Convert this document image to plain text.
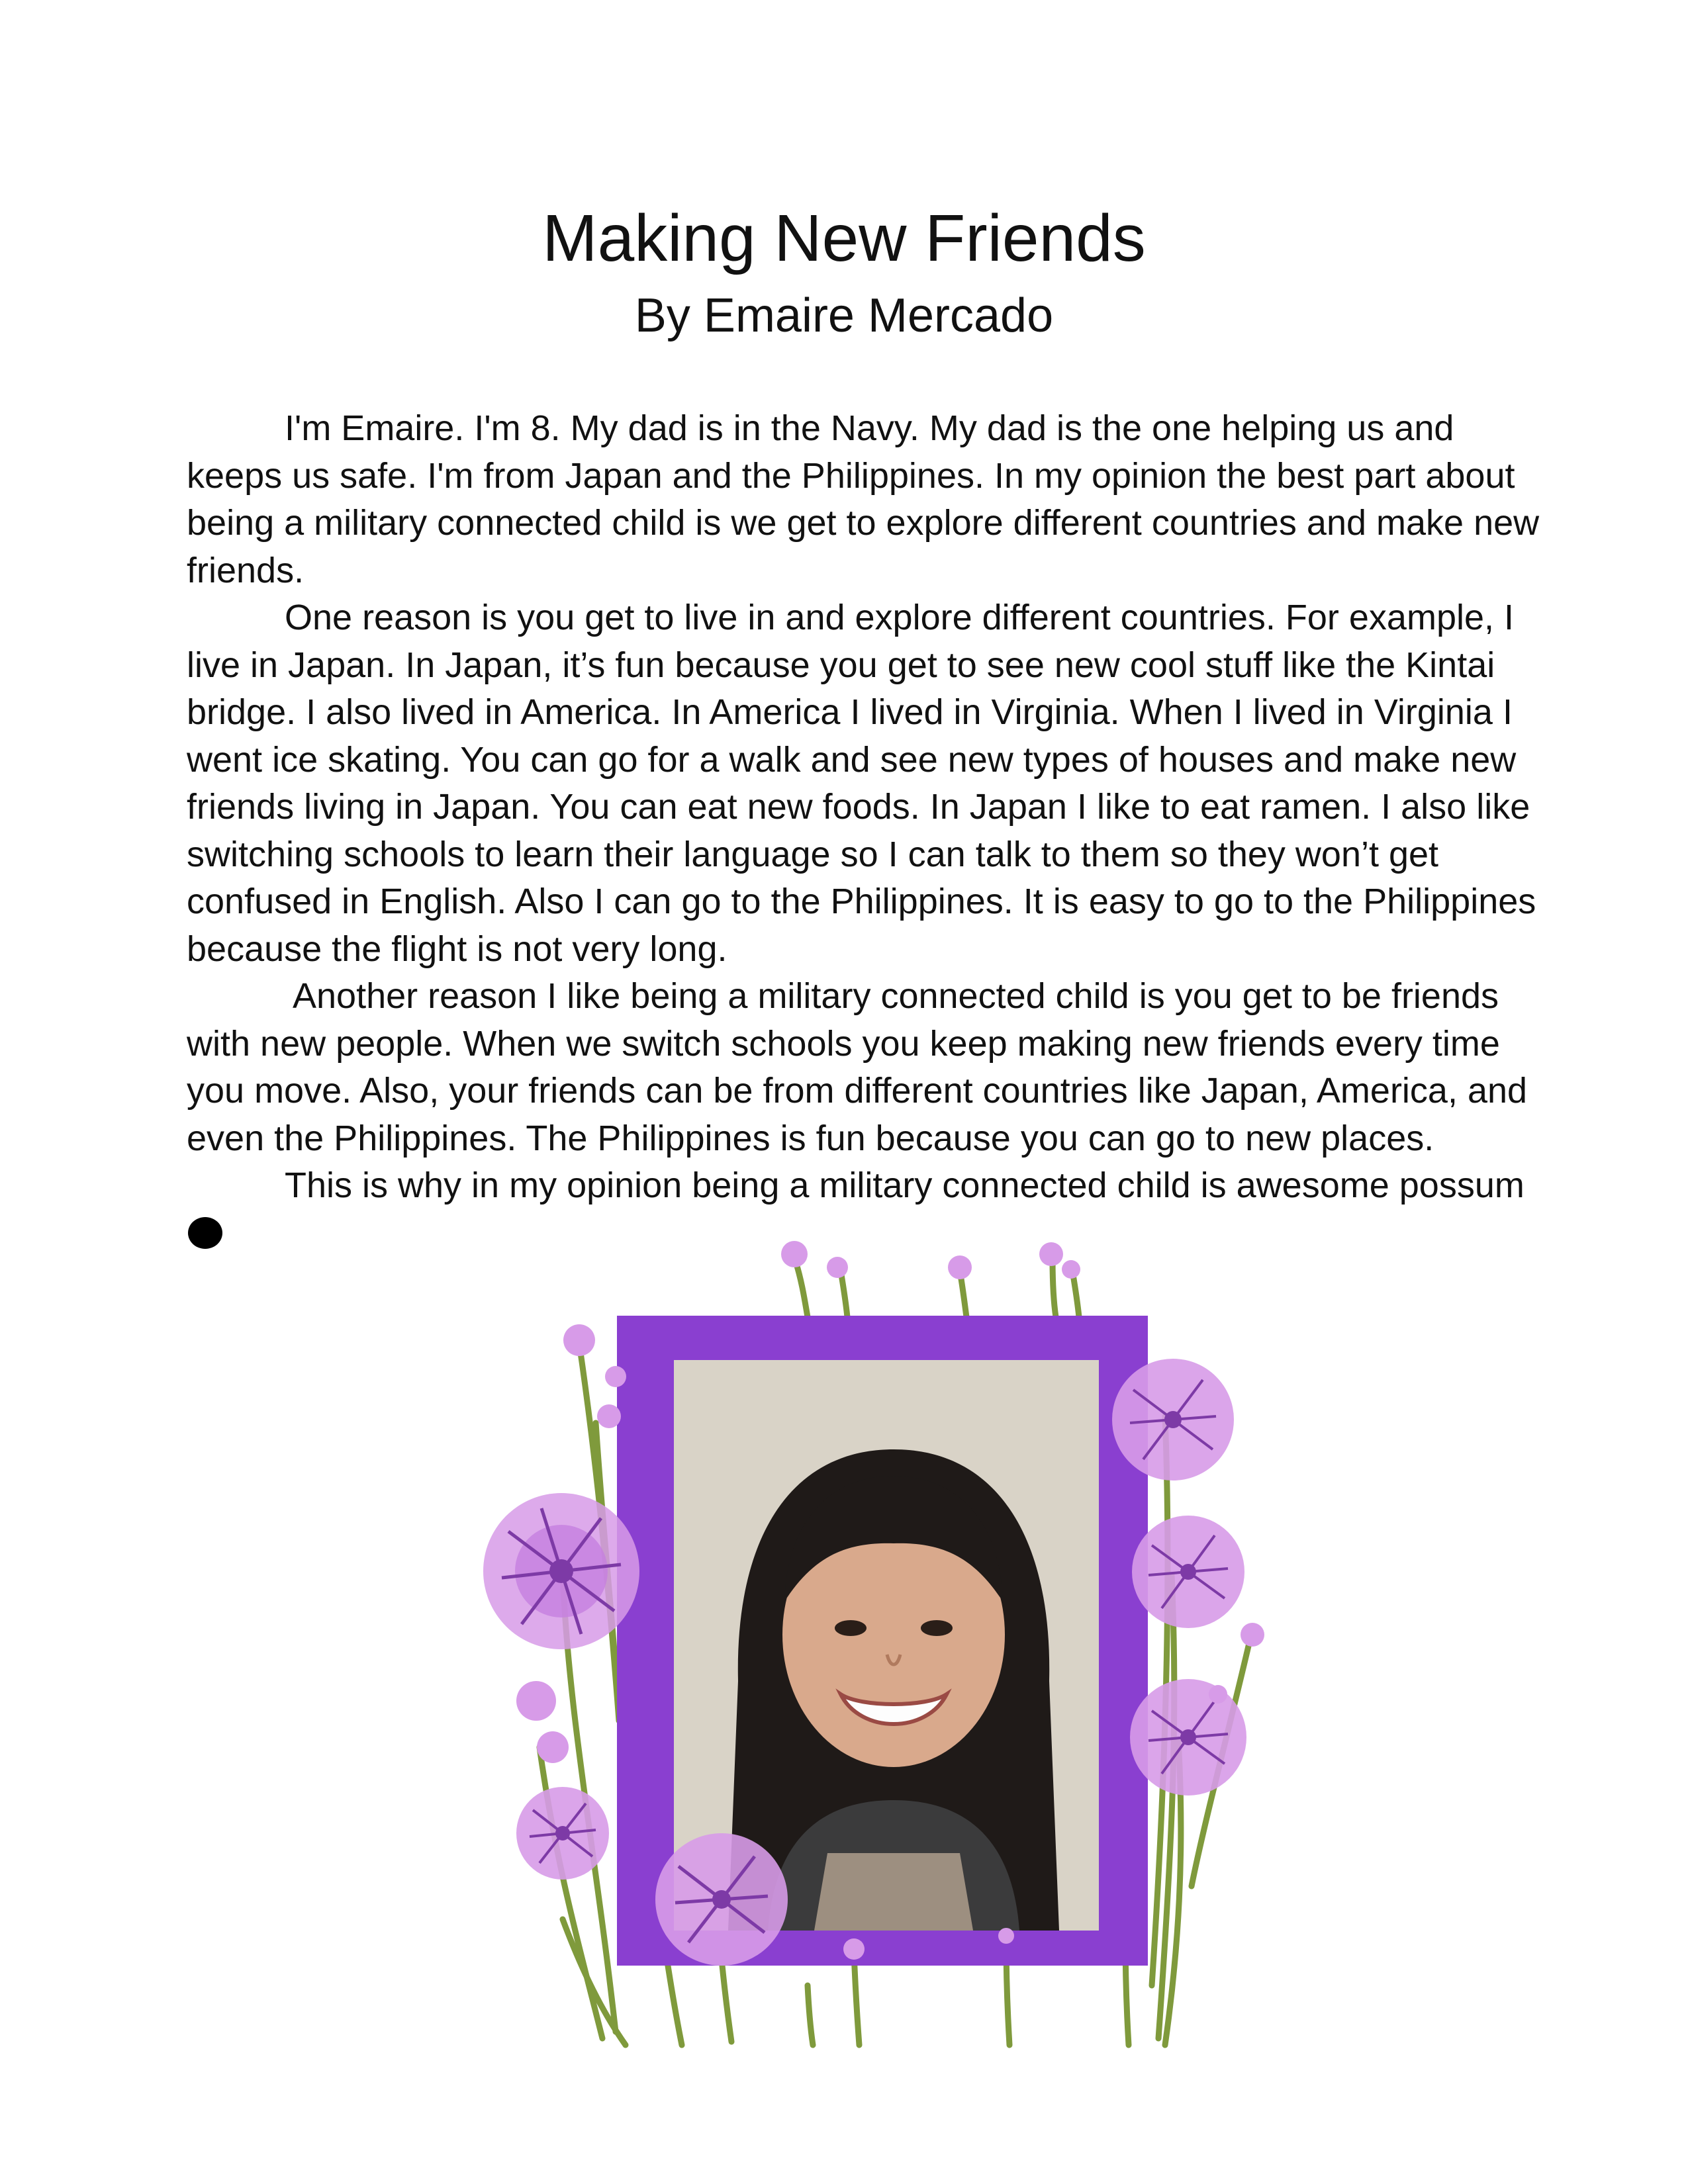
Making New Friends
By Emaire Mercado

I'm Emaire. I'm 8. My dad is in the Navy. My dad is the one helping us and keeps us safe. I'm from Japan and the Philippines. In my opinion the best part about being a military connected child is we get to explore different countries and make new friends.

One reason is you get to live in and explore different countries. For example, I live in Japan. In Japan, it’s fun because you get to see new cool stuff like the Kintai bridge. I also lived in America. In America I lived in Virginia. When I lived in Virginia I went ice skating. You can go for a walk and see new types of houses and make new friends living in Japan. You can eat new foods. In Japan I like to eat ramen. I also like switching schools to learn their language so I can talk to them so they won’t get confused in English. Also I can go to the Philippines. It is easy to go to the Philippines because the flight is not very long.

Another reason I like being a military connected child is you get to be friends with new people. When we switch schools you keep making new friends every time you move. Also, your friends can be from different countries like Japan, America, and even the Philippines. The Philippines is fun because you can go to new places.

This is why in my opinion being a military connected child is awesome possum
